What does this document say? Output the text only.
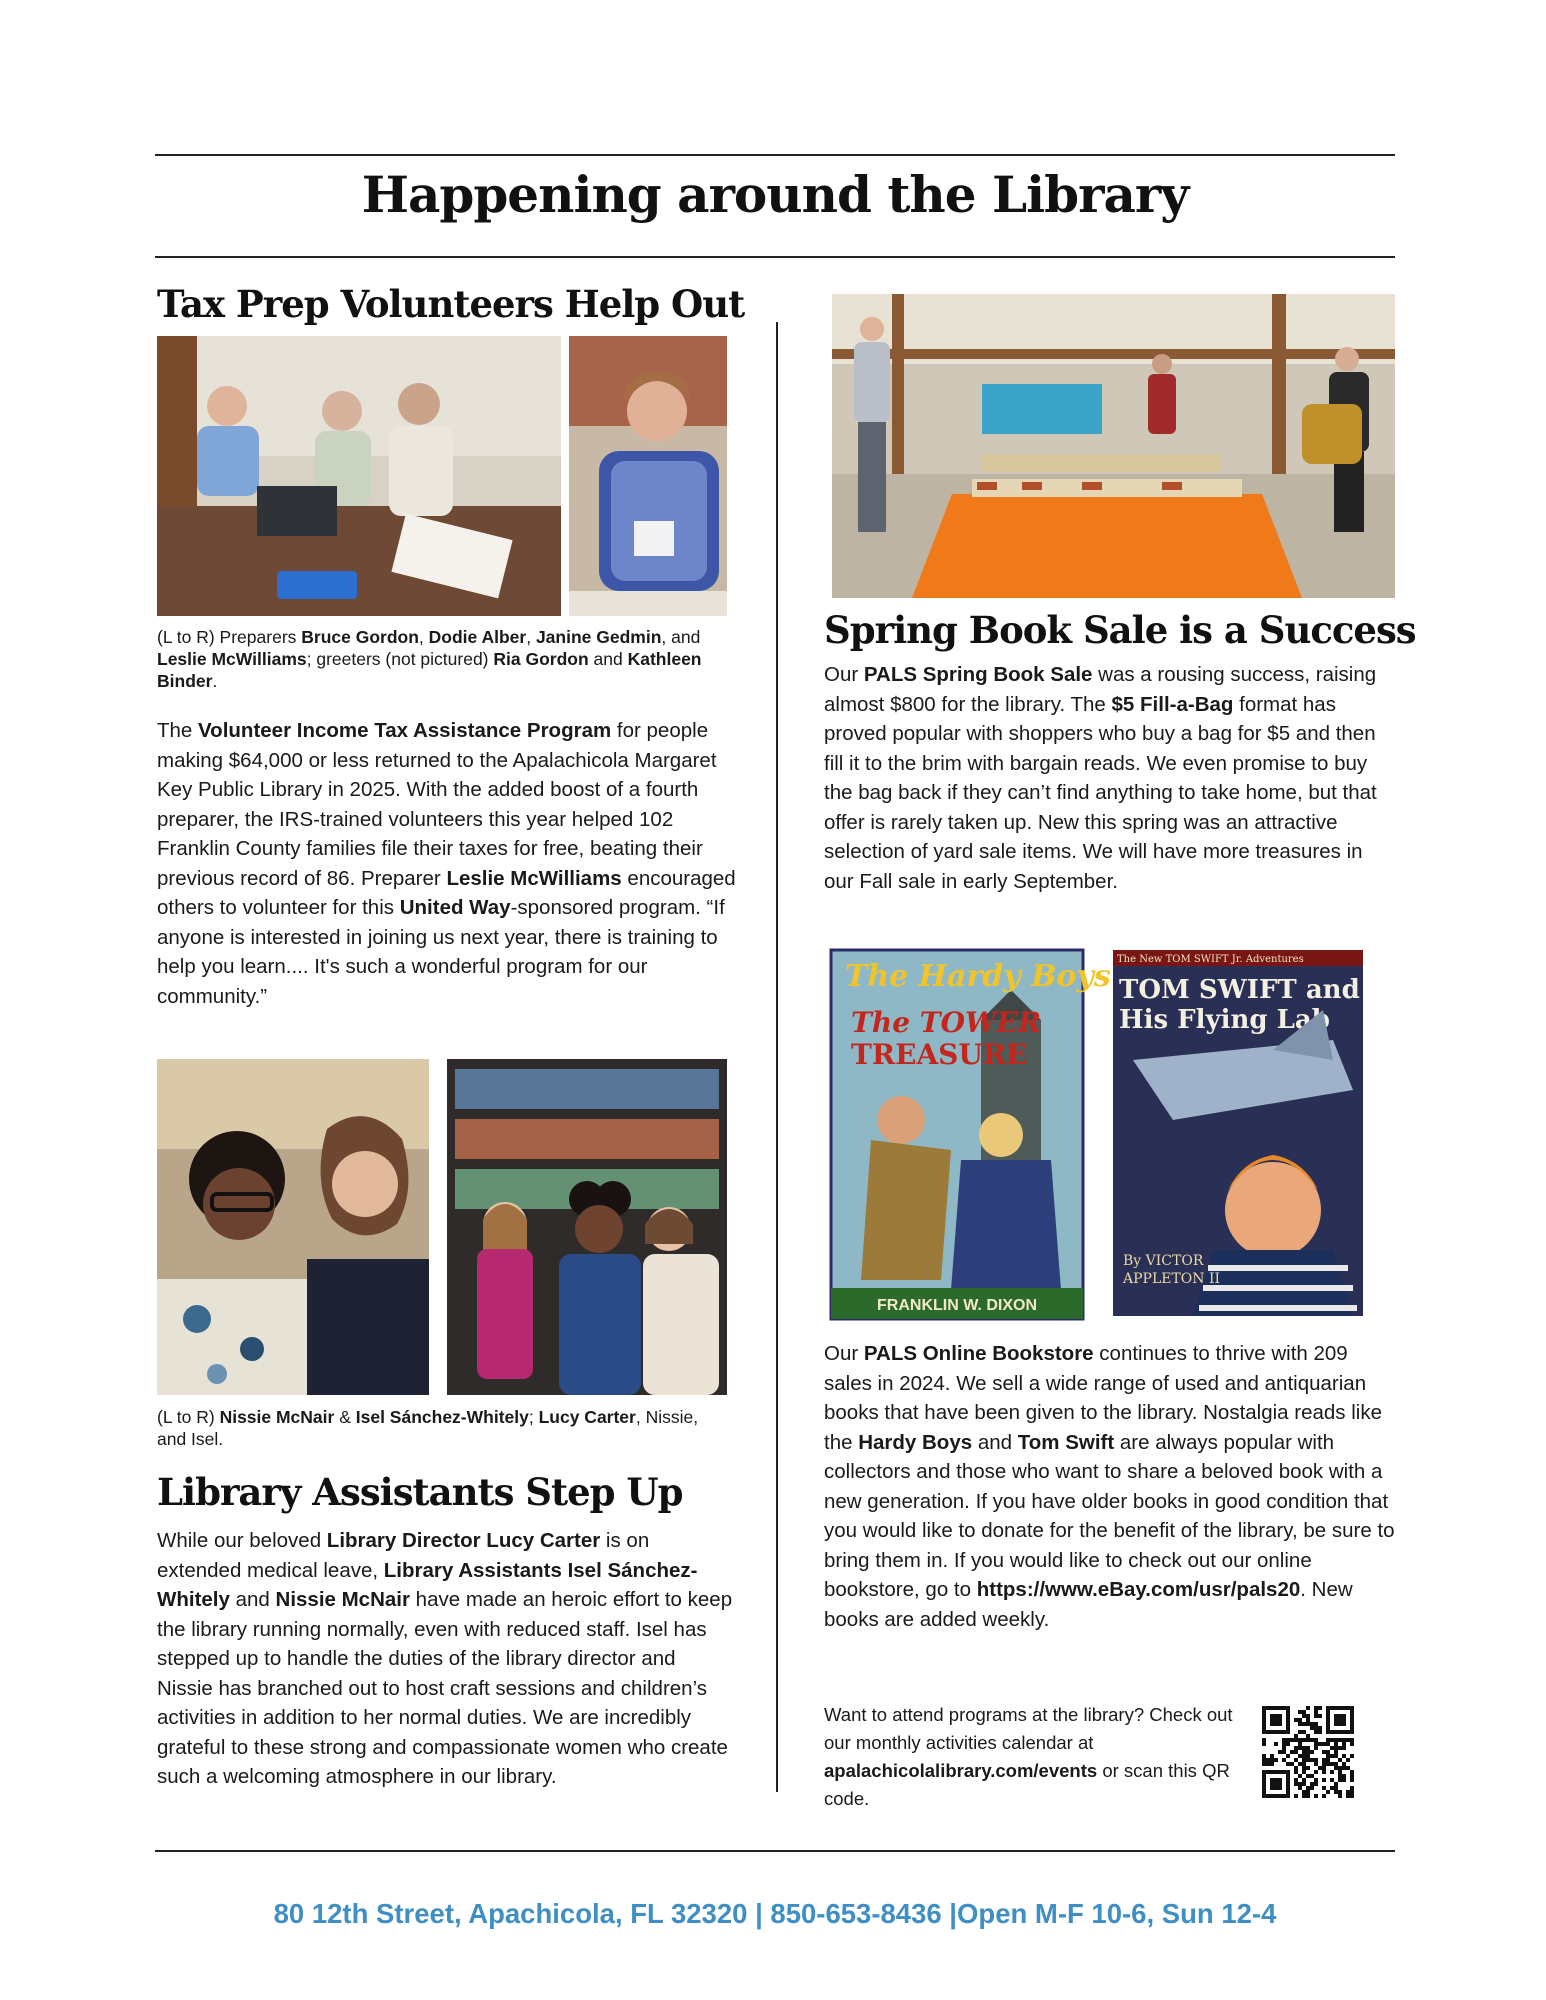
Happening around the Library
Tax Prep Volunteers Help Out
(L to R) Preparers Bruce Gordon, Dodie Alber, Janine Gedmin, and Leslie McWilliams; greeters (not pictured) Ria Gordon and Kathleen Binder.
The Volunteer Income Tax Assistance Program for people making $64,000 or less returned to the Apalachicola Margaret Key Public Library in 2025. With the added boost of a fourth preparer, the IRS-trained volunteers this year helped 102 Franklin County families file their taxes for free, beating their previous record of 86. Preparer Leslie McWilliams encouraged others to volunteer for this United Way-sponsored program. “If anyone is interested in joining us next year, there is training to help you learn.... It's such a wonderful program for our community.”
(L to R) Nissie McNair & Isel Sánchez-Whitely; Lucy Carter, Nissie, and Isel.
Library Assistants Step Up
While our beloved Library Director Lucy Carter is on extended medical leave, Library Assistants Isel Sánchez-Whitely and Nissie McNair have made an heroic effort to keep the library running normally, even with reduced staff. Isel has stepped up to handle the duties of the library director and Nissie has branched out to host craft sessions and children’s activities in addition to her normal duties. We are incredibly grateful to these strong and compassionate women who create such a welcoming atmosphere in our library.
Spring Book Sale is a Success
Our PALS Spring Book Sale was a rousing success, raising almost $800 for the library. The $5 Fill-a-Bag format has proved popular with shoppers who buy a bag for $5 and then fill it to the brim with bargain reads. We even promise to buy the bag back if they can’t find anything to take home, but that offer is rarely taken up. New this spring was an attractive selection of yard sale items. We will have more treasures in our Fall sale in early September.
The Hardy Boys
The TOWER
TREASURE
FRANKLIN W. DIXON
The New TOM SWIFT Jr. Adventures
TOM SWIFT and
His Flying Lab
By VICTOR
APPLETON II
Our PALS Online Bookstore continues to thrive with 209 sales in 2024. We sell a wide range of used and antiquarian books that have been given to the library. Nostalgia reads like the Hardy Boys and Tom Swift are always popular with collectors and those who want to share a beloved book with a new generation. If you have older books in good condition that you would like to donate for the benefit of the library, be sure to bring them in. If you would like to check out our online bookstore, go to https://www.eBay.com/usr/pals20. New books are added weekly.
Want to attend programs at the library? Check out our monthly activities calendar at apalachicolalibrary.com/events or scan this QR code.
80 12th Street, Apachicola, FL 32320 | 850-653-8436 |Open M-F 10-6, Sun 12-4
